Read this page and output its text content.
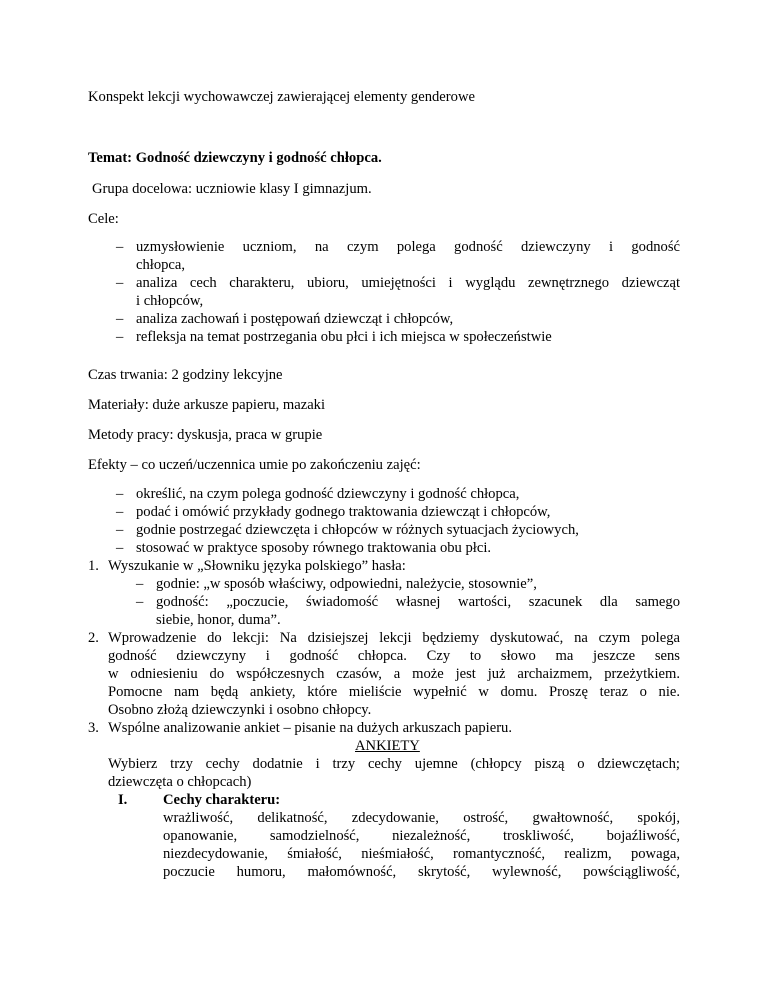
Konspekt lekcji wychowawczej zawierającej elementy genderowe
Temat: Godność dziewczyny i godność chłopca.
Grupa docelowa: uczniowie klasy I gimnazjum.
Cele:
– uzmysłowienie uczniom, na czym polega godność dziewczyny i godność
chłopca,
– analiza cech charakteru, ubioru, umiejętności i wyglądu zewnętrznego dziewcząt
i chłopców,
– analiza zachowań i postępowań dziewcząt i chłopców,
– refleksja na temat postrzegania obu płci i ich miejsca w społeczeństwie
Czas trwania: 2 godziny lekcyjne
Materiały: duże arkusze papieru, mazaki
Metody pracy: dyskusja, praca w grupie
Efekty – co uczeń/uczennica umie po zakończeniu zajęć:
– określić, na czym polega godność dziewczyny i godność chłopca,
– podać i omówić przykłady godnego traktowania dziewcząt i chłopców,
– godnie postrzegać dziewczęta i chłopców w różnych sytuacjach życiowych,
– stosować w praktyce sposoby równego traktowania obu płci.
1. Wyszukanie w „Słowniku języka polskiego” hasła:
– godnie: „w sposób właściwy, odpowiedni, należycie, stosownie”,
– godność: „poczucie, świadomość własnej wartości, szacunek dla samego
siebie, honor, duma”.
2. Wprowadzenie do lekcji: Na dzisiejszej lekcji będziemy dyskutować, na czym polega
godność dziewczyny i godność chłopca. Czy to słowo ma jeszcze sens
w odniesieniu do współczesnych czasów, a może jest już archaizmem, przeżytkiem.
Pomocne nam będą ankiety, które mieliście wypełnić w domu. Proszę teraz o nie.
Osobno złożą dziewczynki i osobno chłopcy.
3. Wspólne analizowanie ankiet – pisanie na dużych arkuszach papieru.
ANKIETY
Wybierz trzy cechy dodatnie i trzy cechy ujemne (chłopcy piszą o dziewczętach;
dziewczęta o chłopcach)
I. Cechy charakteru:
wrażliwość, delikatność, zdecydowanie, ostrość, gwałtowność, spokój,
opanowanie, samodzielność, niezależność, troskliwość, bojaźliwość,
niezdecydowanie, śmiałość, nieśmiałość, romantyczność, realizm, powaga,
poczucie humoru, małomówność, skrytość, wylewność, powściągliwość,
